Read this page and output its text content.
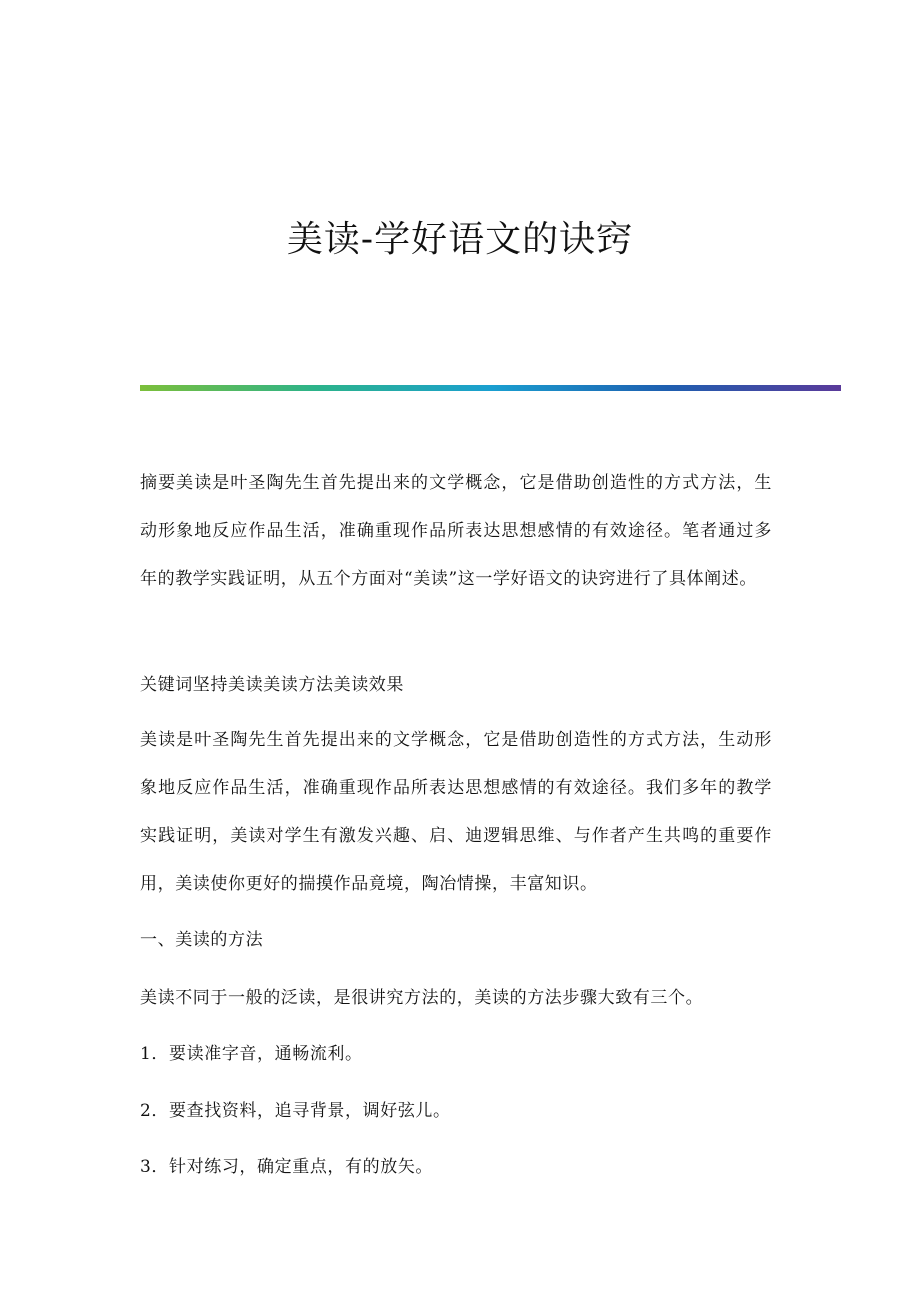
美读-学好语文的诀窍

摘要美读是叶圣陶先生首先提出来的文学概念，它是借助创造性的方式方法，生动形象地反应作品生活，准确重现作品所表达思想感情的有效途径。笔者通过多年的教学实践证明，从五个方面对“美读”这一学好语文的诀窍进行了具体阐述。

关键词坚持美读美读方法美读效果

美读是叶圣陶先生首先提出来的文学概念，它是借助创造性的方式方法，生动形象地反应作品生活，准确重现作品所表达思想感情的有效途径。我们多年的教学实践证明，美读对学生有激发兴趣、启、迪逻辑思维、与作者产生共鸣的重要作用，美读使你更好的揣摸作品竟境，陶冶情操，丰富知识。

一、美读的方法

美读不同于一般的泛读，是很讲究方法的，美读的方法步骤大致有三个。

1．要读准字音，通畅流利。

2．要查找资料，追寻背景，调好弦儿。

3．针对练习，确定重点，有的放矢。
